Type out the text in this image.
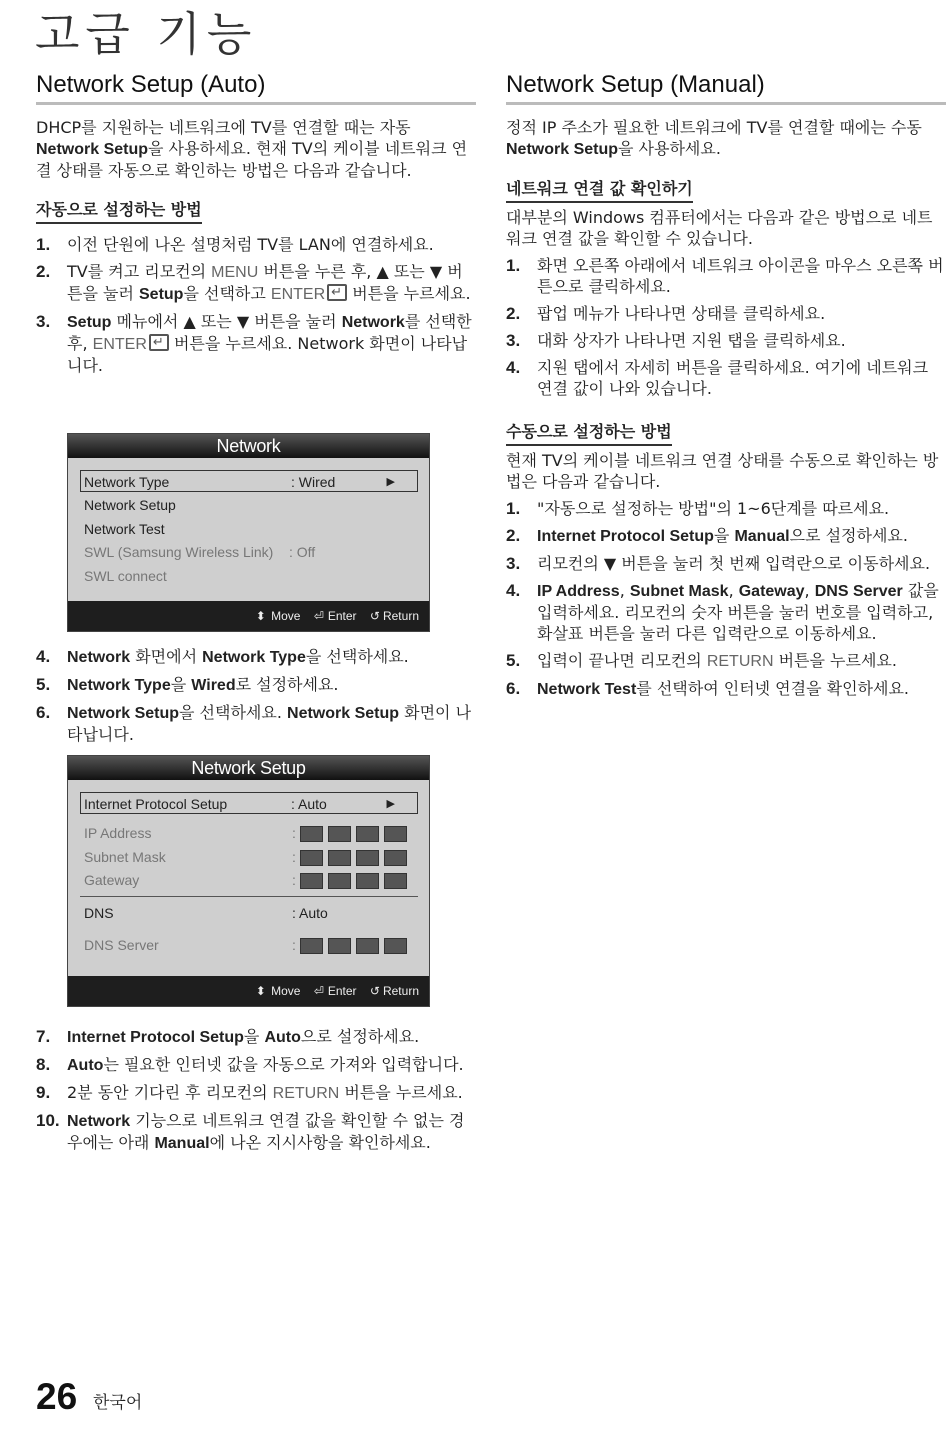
고급 기능
Network Setup (Auto)

DHCP를 지원하는 네트워크에 TV를 연결할 때는 자동 Network Setup을 사용하세요. 현재 TV의 케이블 네트워크 연결 상태를 자동으로 확인하는 방법은 다음과 같습니다.

자동으로 설정하는 방법
1.	이전 단원에 나온 설명처럼 TV를 LAN에 연결하세요.
2.	TV를 켜고 리모컨의 MENU 버튼을 누른 후, ▲ 또는 ▼ 버튼을 눌러 Setup을 선택하고 ENTER↵ 버튼을 누르세요.
3.	Setup 메뉴에서 ▲ 또는 ▼ 버튼을 눌러 Network를 선택한 후, ENTER↵ 버튼을 누르세요. Network 화면이 나타납니다.
Network
Network Type	: Wired	▶
Network Setup
Network Test
SWL (Samsung Wireless Link) : Off
SWL connect
⬍ Move ⏎ Enter ↺ Return
4.	Network 화면에서 Network Type을 선택하세요.
5.	Network Type을 Wired로 설정하세요.
6.	Network Setup을 선택하세요. Network Setup 화면이 나타납니다.
Network Setup
Internet Protocol Setup	: Auto	▶
IP Address	:
Subnet Mask	:
Gateway	:
DNS	: Auto
DNS Server	:
⬍ Move ⏎ Enter ↺ Return
7.	Internet Protocol Setup을 Auto으로 설정하세요.
8.	Auto는 필요한 인터넷 값을 자동으로 가져와 입력합니다.
9.	2분 동안 기다린 후 리모컨의 RETURN 버튼을 누르세요.
10. Network 기능으로 네트워크 연결 값을 확인할 수 없는 경우에는 아래 Manual에 나온 지시사항을 확인하세요.
Network Setup (Manual)

정적 IP 주소가 필요한 네트워크에 TV를 연결할 때에는 수동 Network Setup을 사용하세요.

네트워크 연결 값 확인하기

대부분의 Windows 컴퓨터에서는 다음과 같은 방법으로 네트워크 연결 값을 확인할 수 있습니다.

1.	화면 오른쪽 아래에서 네트워크 아이콘을 마우스 오른쪽 버튼으로 클릭하세요.
2.	팝업 메뉴가 나타나면 상태를 클릭하세요.
3.	대화 상자가 나타나면 지원 탭을 클릭하세요.
4.	지원 탭에서 자세히 버튼을 클릭하세요. 여기에 네트워크 연결 값이 나와 있습니다.
수동으로 설정하는 방법

현재 TV의 케이블 네트워크 연결 상태를 수동으로 확인하는 방법은 다음과 같습니다.

1.	"자동으로 설정하는 방법"의 1~6단계를 따르세요.
2.	Internet Protocol Setup을 Manual으로 설정하세요.
3.	리모컨의 ▼ 버튼을 눌러 첫 번째 입력란으로 이동하세요.
4.	IP Address, Subnet Mask, Gateway, DNS Server 값을 입력하세요. 리모컨의 숫자 버튼을 눌러 번호를 입력하고, 화살표 버튼을 눌러 다른 입력란으로 이동하세요.
5.	입력이 끝나면 리모컨의 RETURN 버튼을 누르세요.
6.	Network Test를 선택하여 인터넷 연결을 확인하세요.
26 한국어
